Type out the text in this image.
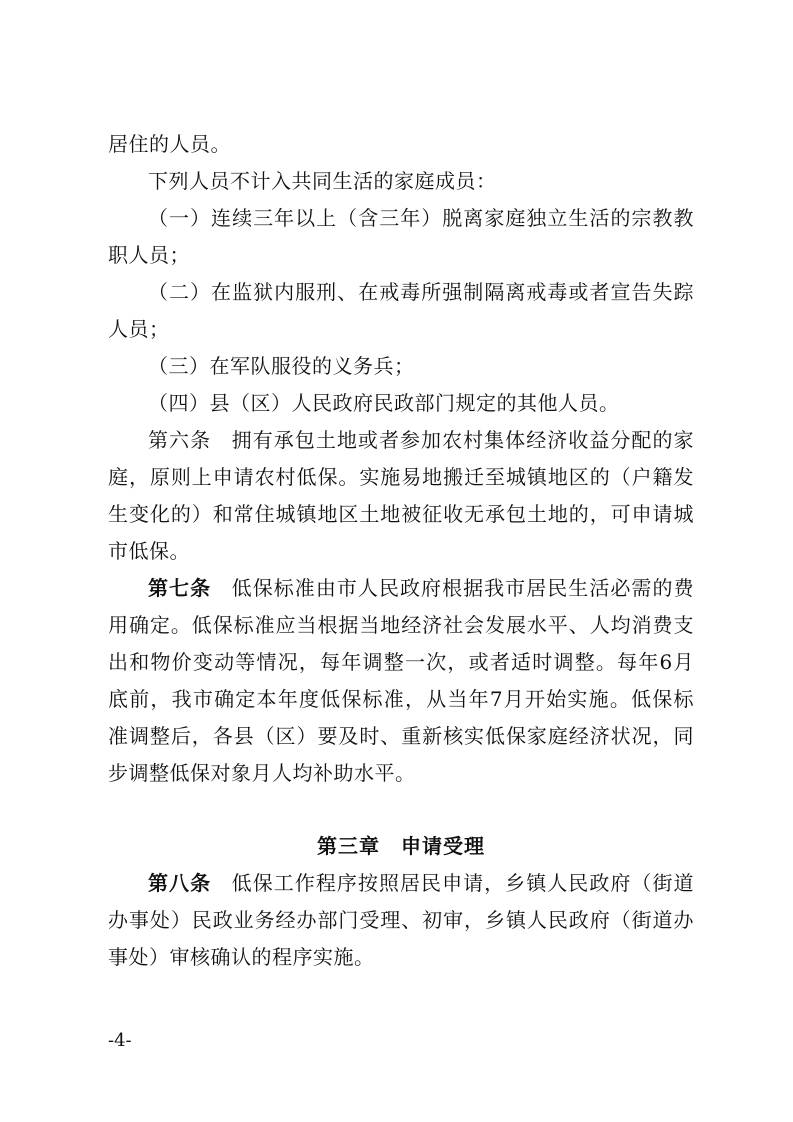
居住的人员。

下列人员不计入共同生活的家庭成员：

（一）连续三年以上（含三年）脱离家庭独立生活的宗教教职人员；

（二）在监狱内服刑、在戒毒所强制隔离戒毒或者宣告失踪人员；

（三）在军队服役的义务兵；

（四）县（区）人民政府民政部门规定的其他人员。

第六条 拥有承包土地或者参加农村集体经济收益分配的家庭，原则上申请农村低保。实施易地搬迁至城镇地区的（户籍发生变化的）和常住城镇地区土地被征收无承包土地的，可申请城市低保。

第七条 低保标准由市人民政府根据我市居民生活必需的费用确定。低保标准应当根据当地经济社会发展水平、人均消费支出和物价变动等情况，每年调整一次，或者适时调整。每年6月底前，我市确定本年度低保标准，从当年7月开始实施。低保标准调整后，各县（区）要及时、重新核实低保家庭经济状况，同步调整低保对象月人均补助水平。

第三章　申请受理

第八条 低保工作程序按照居民申请，乡镇人民政府（街道办事处）民政业务经办部门受理、初审，乡镇人民政府（街道办事处）审核确认的程序实施。

-4-
